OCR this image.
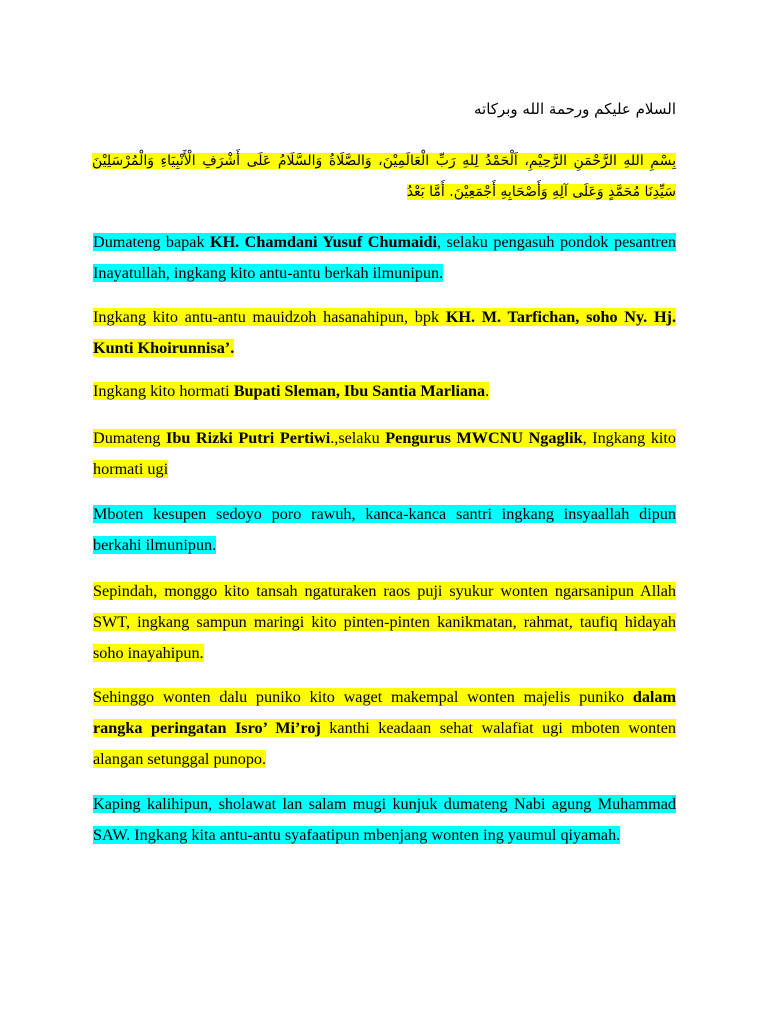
السلام عليكم ورحمة الله وبركاته
بِسْمِ اللهِ الرَّحْمَنِ الرَّحِيْمِ، اَلْحَمْدُ لِلهِ رَبِّ الْعَالَمِيْنَ، وَالصَّلَاةُ وَالسَّلَامُ عَلَى أَشْرَفِ الْأَنْبِيَاءِ وَالْمُرْسَلِيْنَ سَيِّدِنَا مُحَمَّدٍ وَعَلَى آلِهِ وَأَصْحَابِهِ أَجْمَعِيْنَ. أَمَّا بَعْدُ
Dumateng bapak KH. Chamdani Yusuf Chumaidi, selaku pengasuh pondok pesantren Inayatullah, ingkang kito antu-antu berkah ilmunipun.
Ingkang kito antu-antu mauidzoh hasanahipun, bpk KH. M. Tarfichan, soho Ny. Hj. Kunti Khoirunnisa’.
Ingkang kito hormati Bupati Sleman, Ibu Santia Marliana.
Dumateng Ibu Rizki Putri Pertiwi.,selaku Pengurus MWCNU Ngaglik, Ingkang kito hormati ugi
Mboten kesupen sedoyo poro rawuh, kanca-kanca santri ingkang insyaallah dipun berkahi ilmunipun.
Sepindah, monggo kito tansah ngaturaken raos puji syukur wonten ngarsanipun Allah SWT, ingkang sampun maringi kito pinten-pinten kanikmatan, rahmat, taufiq hidayah soho inayahipun.
Sehinggo wonten dalu puniko kito waget makempal wonten majelis puniko dalam rangka peringatan Isro’ Mi’roj kanthi keadaan sehat walafiat ugi mboten wonten alangan setunggal punopo.
Kaping kalihipun, sholawat lan salam mugi kunjuk dumateng Nabi agung Muhammad SAW. Ingkang kita antu-antu syafaatipun mbenjang wonten ing yaumul qiyamah.
